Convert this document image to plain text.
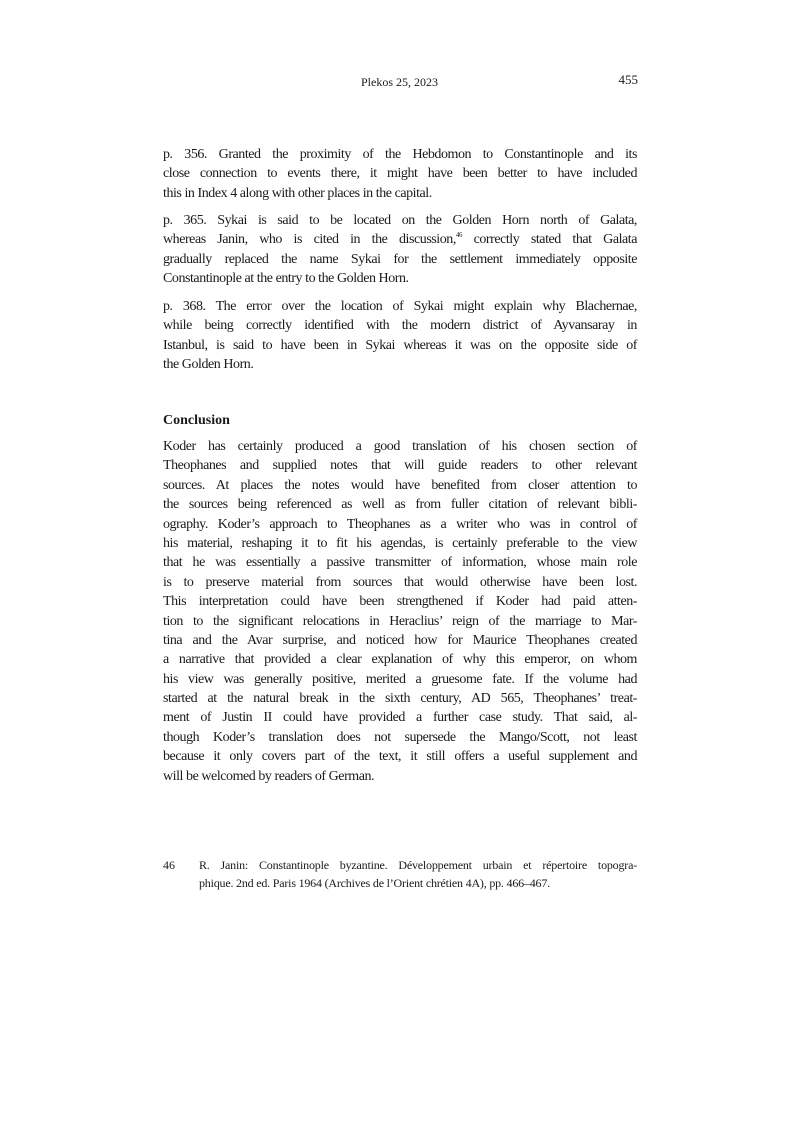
Plekos 25, 2023	455
p. 356. Granted the proximity of the Hebdomon to Constantinople and its
close connection to events there, it might have been better to have included
this in Index 4 along with other places in the capital.
p. 365. Sykai is said to be located on the Golden Horn north of Galata,
whereas Janin, who is cited in the discussion,$^{46}$ correctly stated that Galata
gradually replaced the name Sykai for the settlement immediately opposite
Constantinople at the entry to the Golden Horn.
p. 368. The error over the location of Sykai might explain why Blachernae,
while being correctly identified with the modern district of Ayvansaray in
Istanbul, is said to have been in Sykai whereas it was on the opposite side of
the Golden Horn.
Conclusion
Koder has certainly produced a good translation of his chosen section of
Theophanes and supplied notes that will guide readers to other relevant
sources. At places the notes would have benefited from closer attention to
the sources being referenced as well as from fuller citation of relevant bibli-
ography. Koder’s approach to Theophanes as a writer who was in control of
his material, reshaping it to fit his agendas, is certainly preferable to the view
that he was essentially a passive transmitter of information, whose main role
is to preserve material from sources that would otherwise have been lost.
This interpretation could have been strengthened if Koder had paid atten-
tion to the significant relocations in Heraclius’ reign of the marriage to Mar-
tina and the Avar surprise, and noticed how for Maurice Theophanes created
a narrative that provided a clear explanation of why this emperor, on whom
his view was generally positive, merited a gruesome fate. If the volume had
started at the natural break in the sixth century, AD 565, Theophanes’ treat-
ment of Justin II could have provided a further case study. That said, al-
though Koder’s translation does not supersede the Mango/Scott, not least
because it only covers part of the text, it still offers a useful supplement and
will be welcomed by readers of German.
46 R. Janin: Constantinople byzantine. Développement urbain et répertoire topogra-
phique. 2nd ed. Paris 1964 (Archives de l’Orient chrétien 4A), pp. 466–467.
